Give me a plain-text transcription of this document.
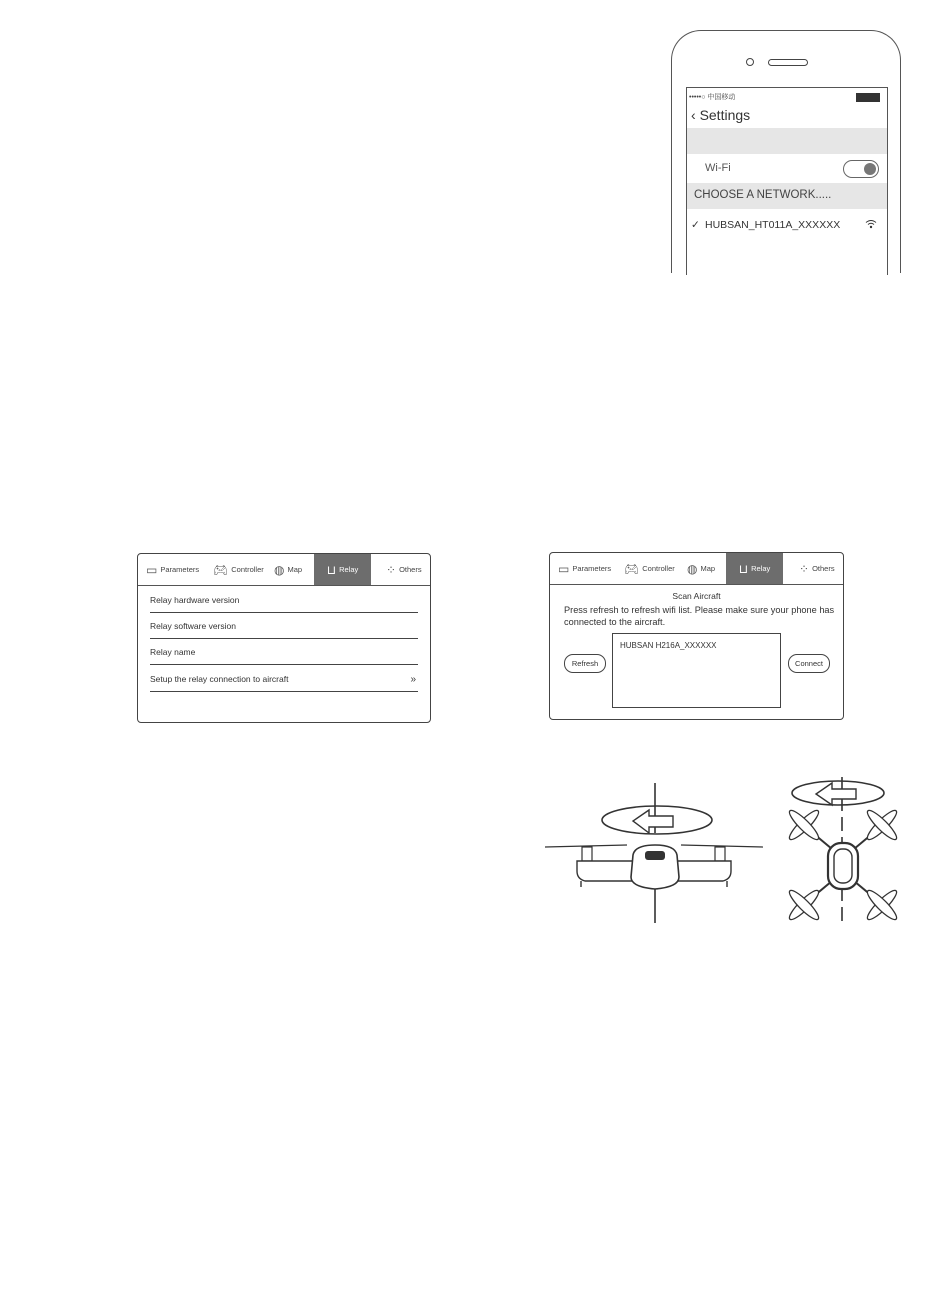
•••••○ 中国移动
‹ Settings
Wi-Fi
CHOOSE A NETWORK.....
✓ HUBSAN_HT011A_XXXXXX
▭ Parameters 🎮︎ Controller ◍ Map ⊔ Relay ⁘ Others
Relay hardware version
Relay software version
Relay name
Setup the relay connection to aircraft	»
▭ Parameters 🎮︎ Controller ◍ Map ⊔ Relay ⁘ Others
Scan Aircraft
Press refresh to refresh wifi list. Please make sure your phone has connected to the aircraft.
Refresh
HUBSAN H216A_XXXXXX
Connect
